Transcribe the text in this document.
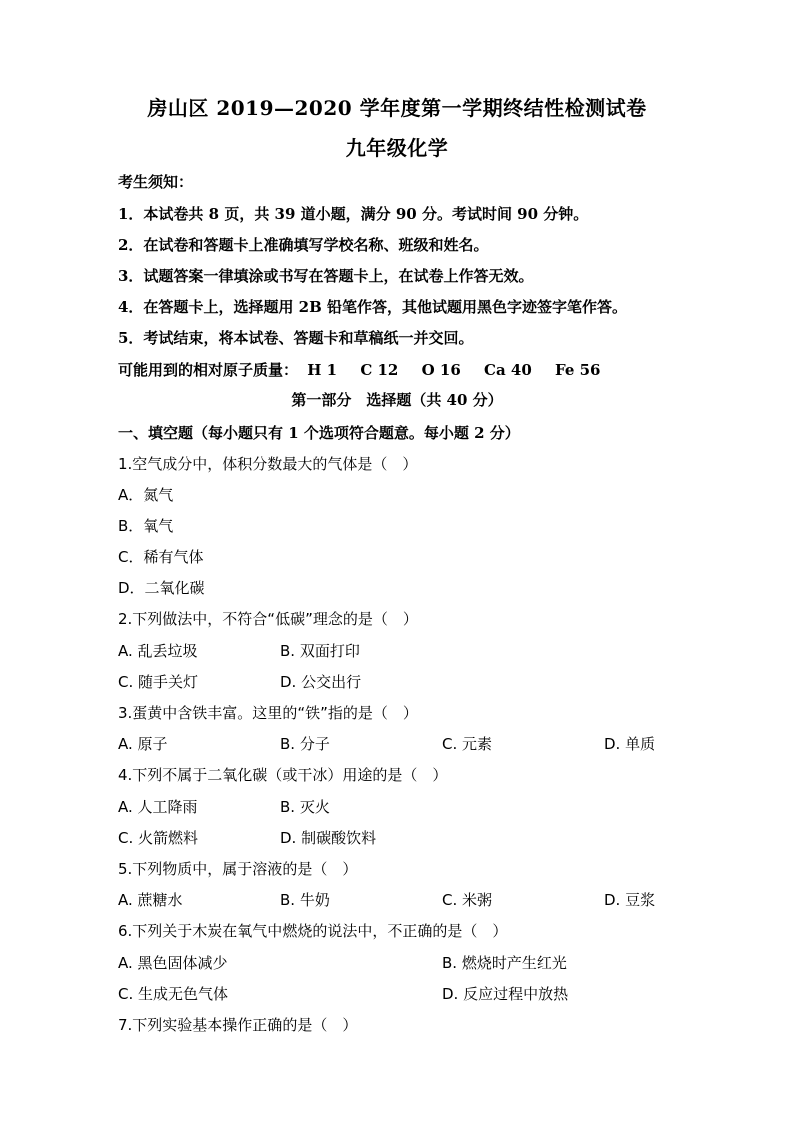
房山区 2019—2020 学年度第一学期终结性检测试卷
九年级化学
考生须知：
1．本试卷共 8 页，共 39 道小题，满分 90 分。考试时间 90 分钟。
2．在试卷和答题卡上准确填写学校名称、班级和姓名。
3．试题答案一律填涂或书写在答题卡上，在试卷上作答无效。
4．在答题卡上，选择题用 2B 铅笔作答，其他试题用黑色字迹签字笔作答。
5．考试结束，将本试卷、答题卡和草稿纸一并交回。
可能用到的相对原子质量： H 1 C 12 O 16 Ca 40 Fe 56
第一部分　选择题（共 40 分）
一、填空题（每小题只有 1 个选项符合题意。每小题 2 分）
1.空气成分中，体积分数最大的气体是（　）
A．氮气
B．氧气
C．稀有气体
D．二氧化碳
2.下列做法中，不符合“低碳”理念的是（　）
A. 乱丢垃圾	B. 双面打印
C. 随手关灯	D. 公交出行
3.蛋黄中含铁丰富。这里的“铁”指的是（　）
A. 原子	B. 分子	C. 元素	D. 单质
4.下列不属于二氧化碳（或干冰）用途的是（　）
A. 人工降雨	B. 灭火
C. 火箭燃料	D. 制碳酸饮料
5.下列物质中，属于溶液的是（　）
A. 蔗糖水	B. 牛奶	C. 米粥	D. 豆浆
6.下列关于木炭在氧气中燃烧的说法中，不正确的是（　）
A. 黑色固体减少	B. 燃烧时产生红光
C. 生成无色气体	D. 反应过程中放热
7.下列实验基本操作正确的是（　）
